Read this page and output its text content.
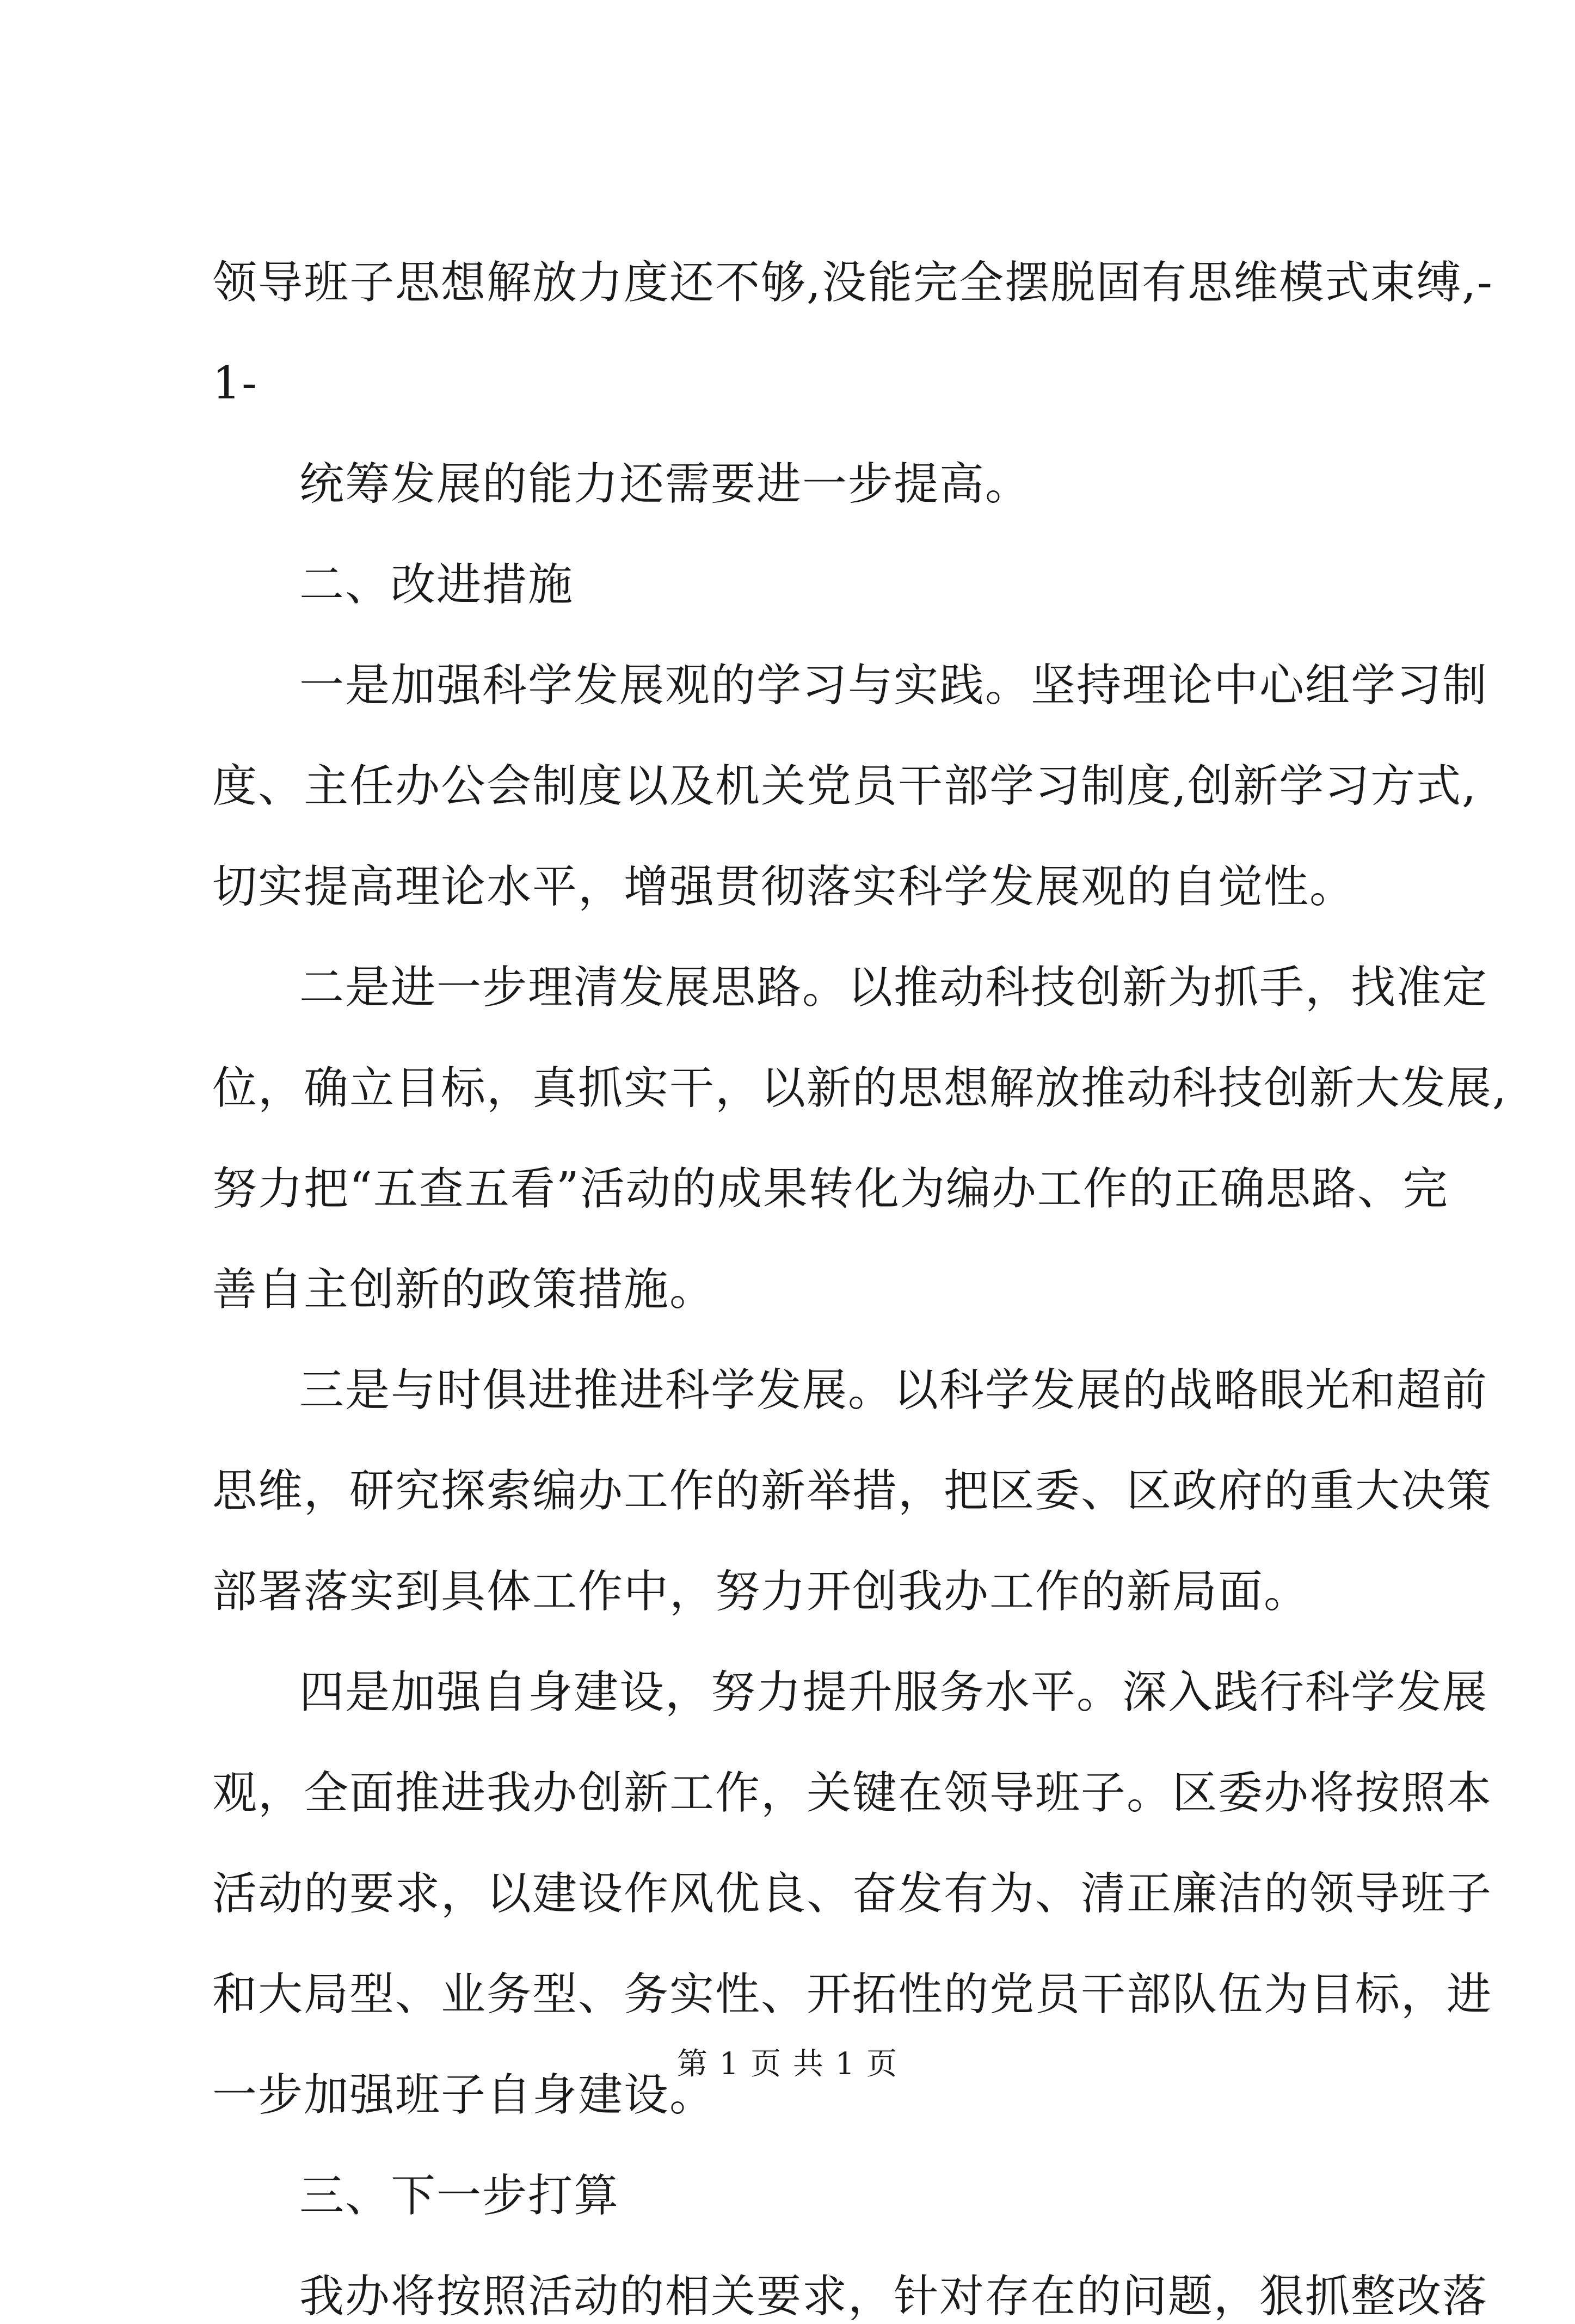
领导班子思想解放力度还不够,没能完全摆脱固有思维模式束缚,-
1-
统筹发展的能力还需要进一步提高。
二、改进措施
一是加强科学发展观的学习与实践。坚持理论中心组学习制
度、主任办公会制度以及机关党员干部学习制度,创新学习方式,
切实提高理论水平，增强贯彻落实科学发展观的自觉性。
二是进一步理清发展思路。以推动科技创新为抓手，找准定
位，确立目标，真抓实干，以新的思想解放推动科技创新大发展,
努力把“五查五看”活动的成果转化为编办工作的正确思路、完
善自主创新的政策措施。
三是与时俱进推进科学发展。以科学发展的战略眼光和超前
思维，研究探索编办工作的新举措，把区委、区政府的重大决策
部署落实到具体工作中，努力开创我办工作的新局面。
四是加强自身建设，努力提升服务水平。深入践行科学发展
观，全面推进我办创新工作，关键在领导班子。区委办将按照本
活动的要求，以建设作风优良、奋发有为、清正廉洁的领导班子
和大局型、业务型、务实性、开拓性的党员干部队伍为目标，进
一步加强班子自身建设。
三、下一步打算
我办将按照活动的相关要求，针对存在的问题，狠抓整改落
第 1 页 共 1 页
